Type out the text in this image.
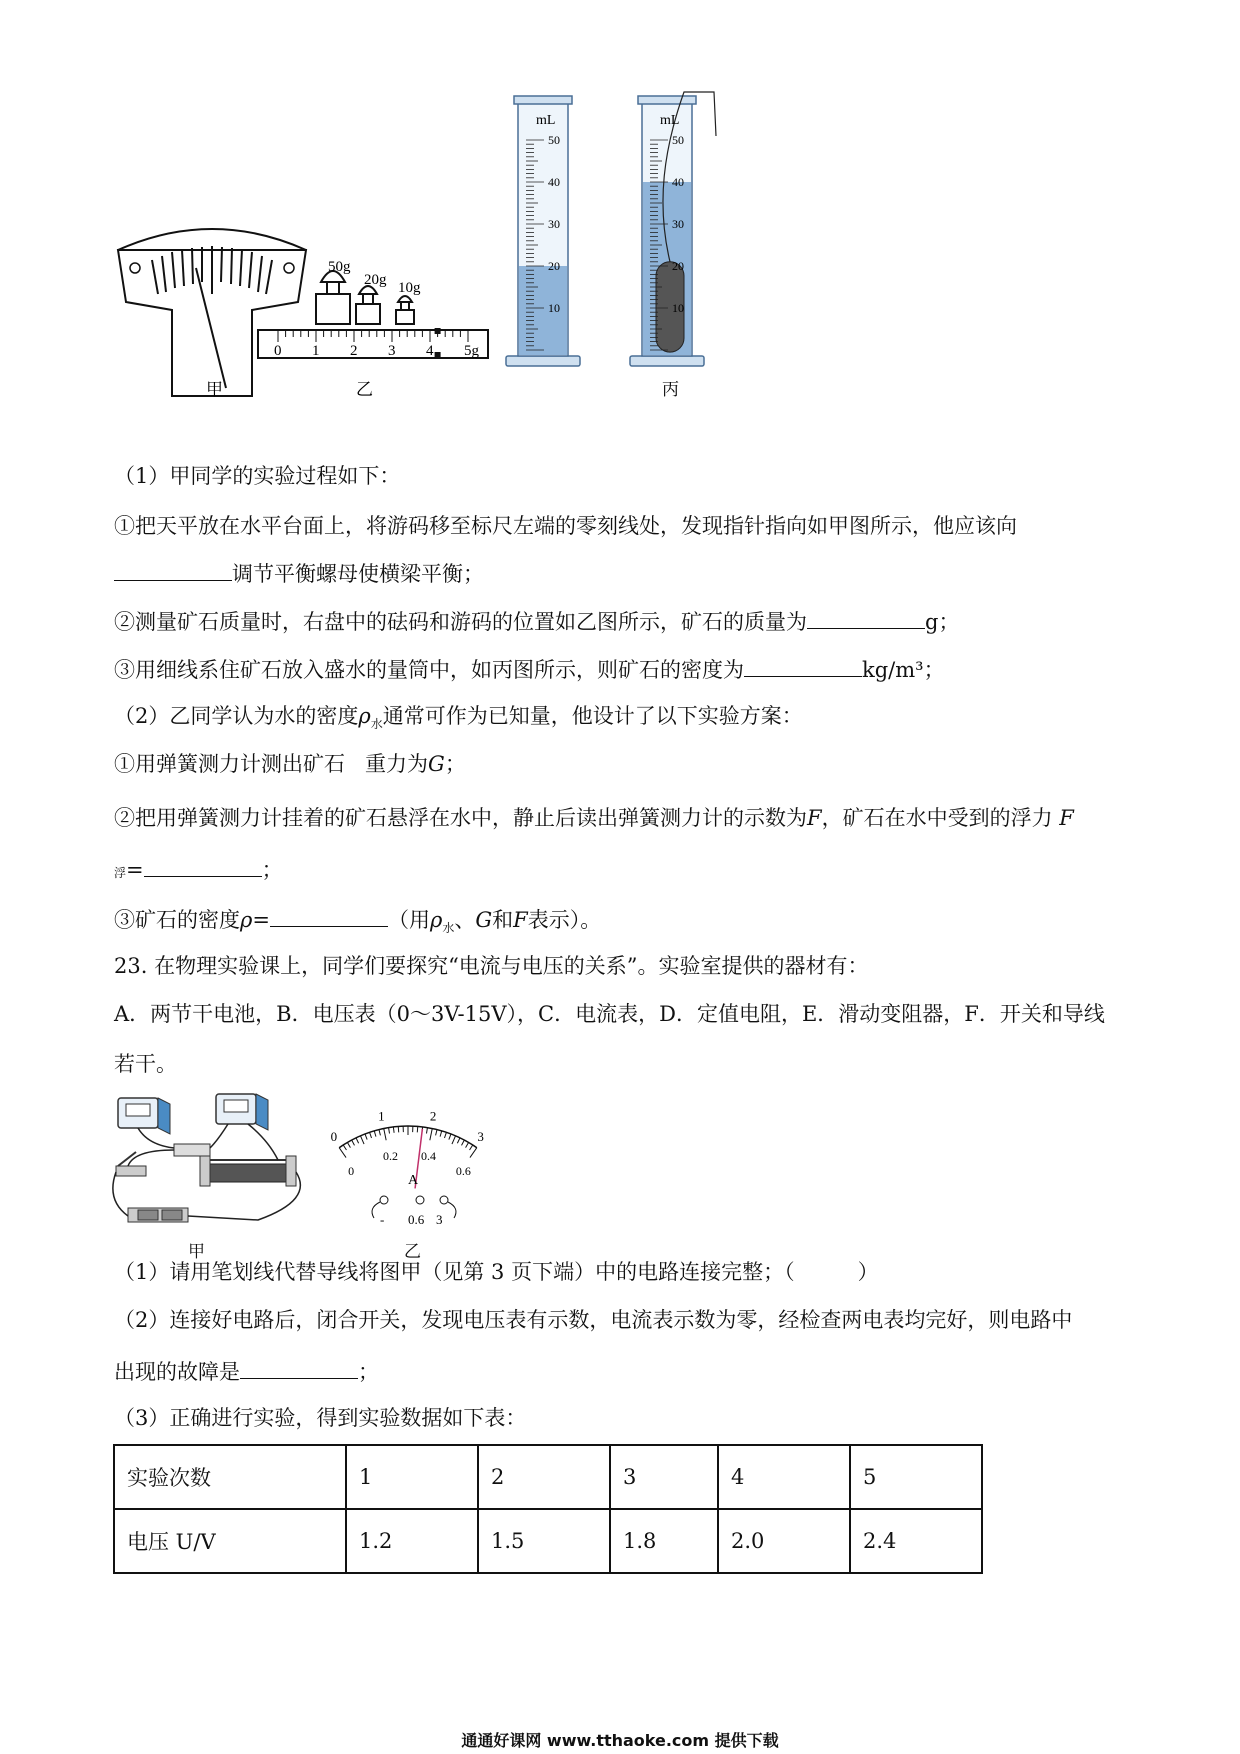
甲
0 1 2 3 4 5g
乙
50g
20g 10g
50
40
30
20
10
mL
50
40
30
20
10
mL
丙
（1）甲同学的实验过程如下：
①把天平放在水平台面上，将游码移至标尺左端的零刻线处，发现指针指向如甲图所示，他应该向
调节平衡螺母使横梁平衡；
②测量矿石质量时，右盘中的砝码和游码的位置如乙图所示，矿石的质量为	g；
③用细线系住矿石放入盛水的量筒中，如丙图所示，则矿石的密度为	kg/m³；
（2）乙同学认为水的密度$\rho_水$通常可作为已知量，他设计了以下实验方案：
①用弹簧测力计测出矿石 重力为G；
②把用弹簧测力计挂着的矿石悬浮在水中，静止后读出弹簧测力计的示数为F，矿石在水中受到的浮力 F
浮=	；
③矿石的密度ρ=	（用$\rho_水$、G和F表示）。
23. 在物理实验课上，同学们要探究“电流与电压的关系”。实验室提供的器材有：
A．两节干电池，B．电压表（0～3V-15V），C．电流表，D．定值电阻，E．滑动变阻器，F．开关和导线
若干。
甲
0
1	2
3
0
0.2 0.4
0.6
A
- 0.6 3
乙
（1）请用笔划线代替导线将图甲（见第 3 页下端）中的电路连接完整；（　　　）
（2）连接好电路后，闭合开关，发现电压表有示数，电流表示数为零，经检查两电表均完好，则电路中
出现的故障是	；
（3）正确进行实验，得到实验数据如下表：
实验次数	1	2	3	4	5
电压 U/V	1.2	1.5	1.8	2.0	2.4
通通好课网 www.tthaoke.com 提供下载
